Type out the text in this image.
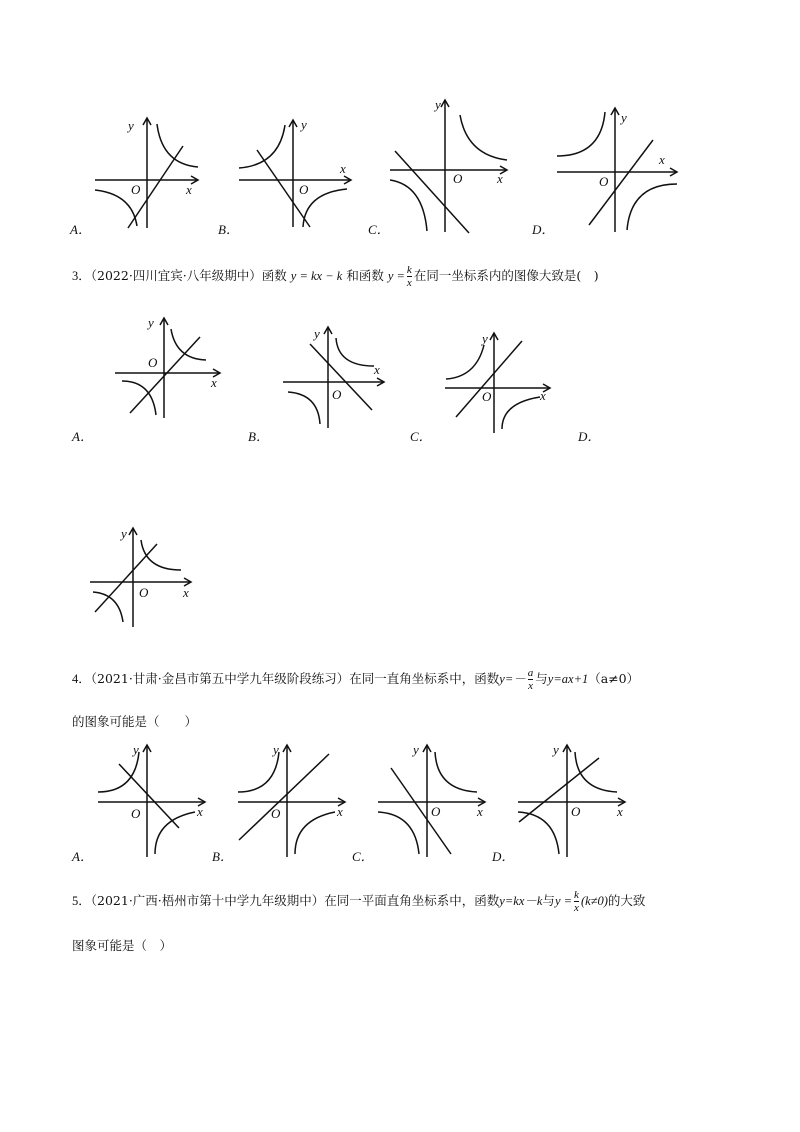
y
x
O
A．
y
x
O
B．
y
x
O
C．
y
x
O
D．
3．（2022·四川宜宾·八年级期中）函数 y = kx − k 和函数 $y = \frac{k}{x}$ 在同一坐标系内的图像大致是(　)
y
x
O
A．
y
x
O
B．
y
x
O
C．	D．
y
x
O
4．（2021·甘肃·金昌市第五中学九年级阶段练习）在同一直角坐标系中，函数$y=- \frac{a}{x}$ 与y=ax+1（a≠0）
的图象可能是（　　）
y
x
O
A．
y
x
O
B．
y
x
O
C．
y
x
O
D．
5．（2021·广西·梧州市第十中学九年级期中）在同一平面直角坐标系中，函数y=kx－k与$y = \frac{k}{x} (k\ne 0)$的大致
图象可能是（　）
